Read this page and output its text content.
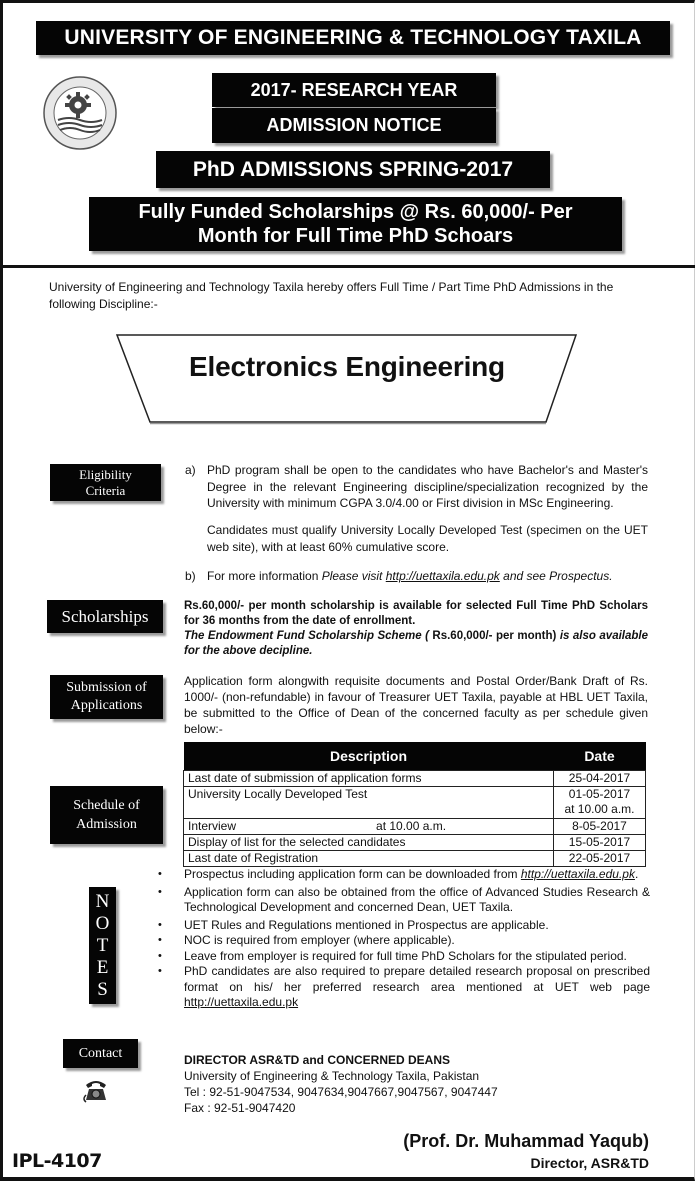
UNIVERSITY OF ENGINEERING & TECHNOLOGY TAXILA
2017- RESEARCH YEAR
ADMISSION NOTICE
PhD ADMISSIONS SPRING-2017
Fully Funded Scholarships @ Rs. 60,000/- Per
Month for Full Time PhD Schoars
University of Engineering and Technology Taxila hereby offers Full Time / Part Time PhD Admissions in the following Discipline:-
Electronics Engineering
Eligibility
Criteria
a) PhD program shall be open to the candidates who have Bachelor's and Master's Degree in the relevant Engineering discipline/specialization recognized by the University with minimum CGPA 3.0/4.00 or First division in MSc Engineering.
Candidates must qualify University Locally Developed Test (specimen on the UET web site), with at least 60% cumulative score.
b) For more information Please visit http://uettaxila.edu.pk and see Prospectus.
Scholarships
Rs.60,000/- per month scholarship is available for selected Full Time PhD Scholars for 36 months from the date of enrollment.
The Endowment Fund Scholarship Scheme ( Rs.60,000/- per month) is also available for the above decipline.
Submission of
Applications
Application form alongwith requisite documents and Postal Order/Bank Draft of Rs. 1000/- (non-refundable) in favour of Treasurer UET Taxila, payable at HBL UET Taxila, be submitted to the Office of Dean of the concerned faculty as per schedule given below:-
Schedule of
Admission
Description	Date
Last date of submission of application forms	25-04-2017
University Locally Developed Test	01-05-2017
at 10.00 a.m.

Interview at 10.00 a.m.	8-05-2017
Display of list for the selected candidates	15-05-2017
Last date of Registration	22-05-2017
N
O
T
E
S
• Prospectus including application form can be downloaded from http://uettaxila.edu.pk.
• Application form can also be obtained from the office of Advanced Studies Research & Technological Development and concerned Dean, UET Taxila.
• UET Rules and Regulations mentioned in Prospectus are applicable.
• NOC is required from employer (where applicable).
• Leave from employer is required for full time PhD Scholars for the stipulated period.
• PhD candidates are also required to prepare detailed research proposal on prescribed format on his/ her preferred research area mentioned at UET web page http://uettaxila.edu.pk
Contact	DIRECTOR ASR&TD and CONCERNED DEANS
University of Engineering & Technology Taxila, Pakistan
Tel : 92-51-9047534, 9047634,9047667,9047567, 9047447
Fax : 92-51-9047420
IPL-4107
(Prof. Dr. Muhammad Yaqub)
Director, ASR&TD
